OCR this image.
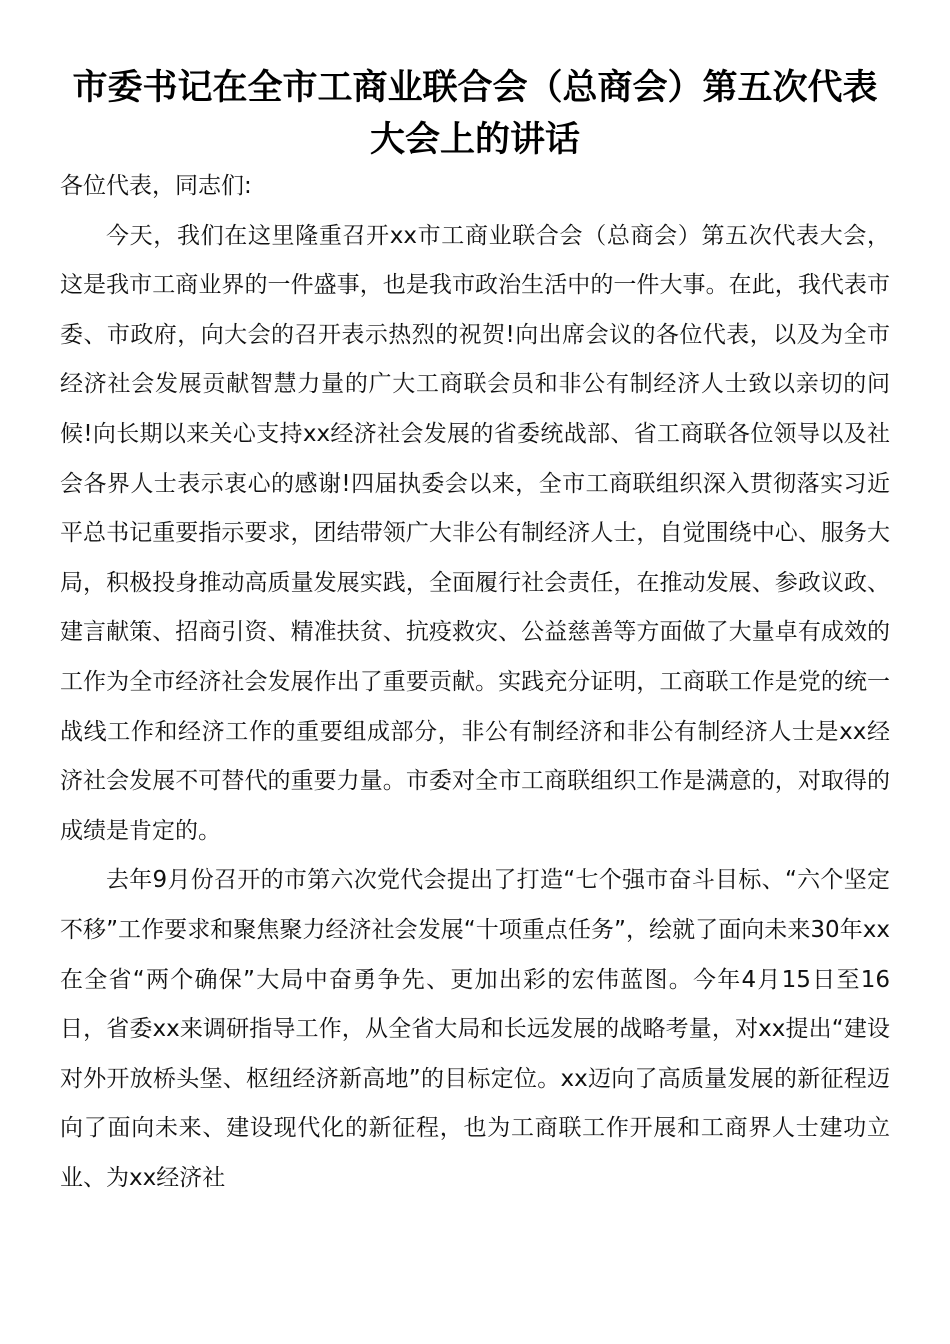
市委书记在全市工商业联合会（总商会）第五次代表大会上的讲话

各位代表，同志们:

今天，我们在这里隆重召开xx市工商业联合会（总商会）第五次代表大会，这是我市工商业界的一件盛事，也是我市政治生活中的一件大事。在此，我代表市委、市政府，向大会的召开表示热烈的祝贺!向出席会议的各位代表，以及为全市经济社会发展贡献智慧力量的广大工商联会员和非公有制经济人士致以亲切的问候!向长期以来关心支持xx经济社会发展的省委统战部、省工商联各位领导以及社会各界人士表示衷心的感谢!四届执委会以来，全市工商联组织深入贯彻落实习近平总书记重要指示要求，团结带领广大非公有制经济人士，自觉围绕中心、服务大局，积极投身推动高质量发展实践，全面履行社会责任，在推动发展、参政议政、建言献策、招商引资、精准扶贫、抗疫救灾、公益慈善等方面做了大量卓有成效的工作为全市经济社会发展作出了重要贡献。实践充分证明，工商联工作是党的统一战线工作和经济工作的重要组成部分，非公有制经济和非公有制经济人士是xx经济社会发展不可替代的重要力量。市委对全市工商联组织工作是满意的，对取得的成绩是肯定的。

去年9月份召开的市第六次党代会提出了打造“七个强市奋斗目标、“六个坚定不移”工作要求和聚焦聚力经济社会发展“十项重点任务”，绘就了面向未来30年xx在全省“两个确保”大局中奋勇争先、更加出彩的宏伟蓝图。今年4月15日至16日，省委xx来调研指导工作，从全省大局和长远发展的战略考量，对xx提出“建设对外开放桥头堡、枢纽经济新高地”的目标定位。xx迈向了高质量发展的新征程迈向了面向未来、建设现代化的新征程，也为工商联工作开展和工商界人士建功立业、为xx经济社
